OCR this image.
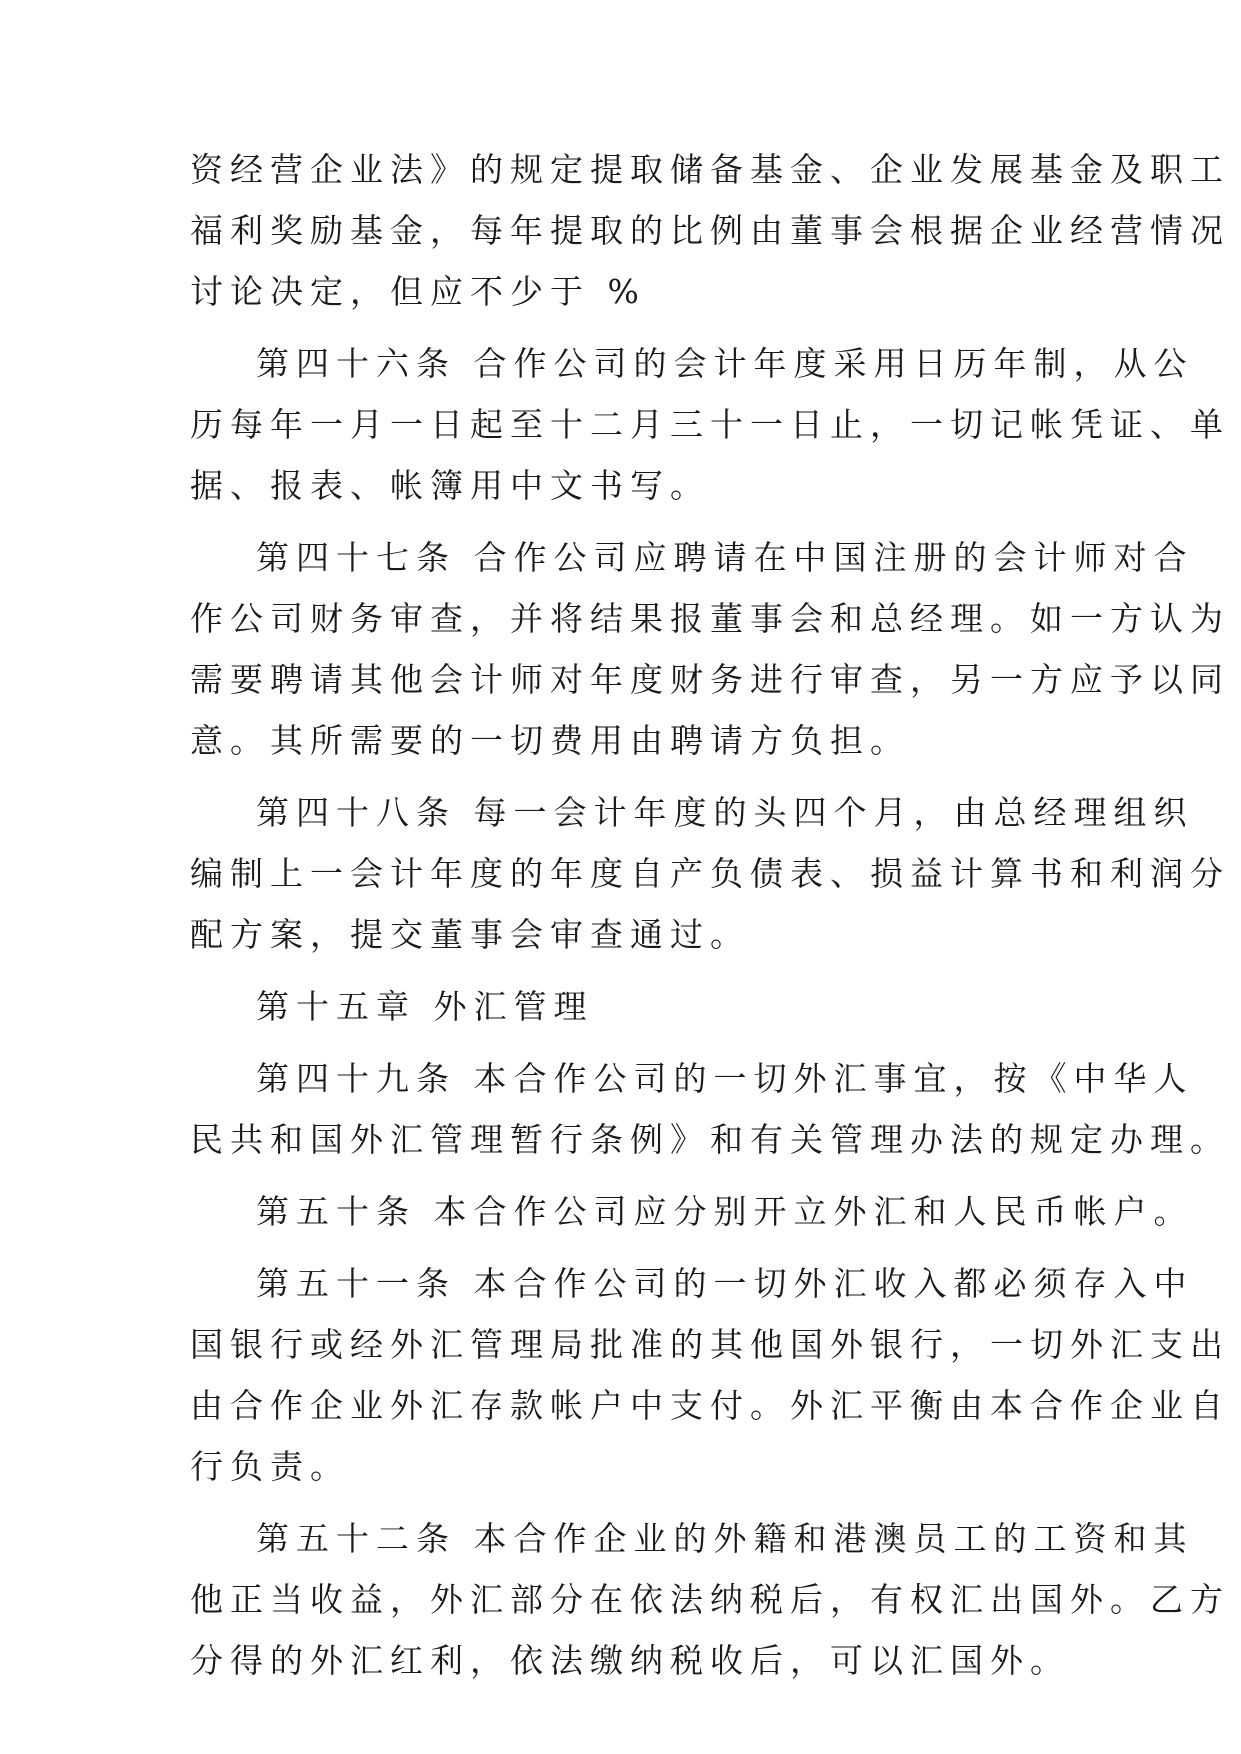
资经营企业法》的规定提取储备基金、企业发展基金及职工

福利奖励基金，每年提取的比例由董事会根据企业经营情况

讨论决定，但应不少于 %

第四十六条 合作公司的会计年度采用日历年制，从公

历每年一月一日起至十二月三十一日止，一切记帐凭证、单

据、报表、帐簿用中文书写。

第四十七条 合作公司应聘请在中国注册的会计师对合

作公司财务审查，并将结果报董事会和总经理。如一方认为

需要聘请其他会计师对年度财务进行审查，另一方应予以同

意。其所需要的一切费用由聘请方负担。

第四十八条 每一会计年度的头四个月，由总经理组织

编制上一会计年度的年度自产负债表、损益计算书和利润分

配方案，提交董事会审查通过。

第十五章 外汇管理

第四十九条 本合作公司的一切外汇事宜，按《中华人

民共和国外汇管理暂行条例》和有关管理办法的规定办理。

第五十条 本合作公司应分别开立外汇和人民币帐户。

第五十一条 本合作公司的一切外汇收入都必须存入中

国银行或经外汇管理局批准的其他国外银行，一切外汇支出

由合作企业外汇存款帐户中支付。外汇平衡由本合作企业自

行负责。

第五十二条 本合作企业的外籍和港澳员工的工资和其

他正当收益，外汇部分在依法纳税后，有权汇出国外。乙方

分得的外汇红利，依法缴纳税收后，可以汇国外。
